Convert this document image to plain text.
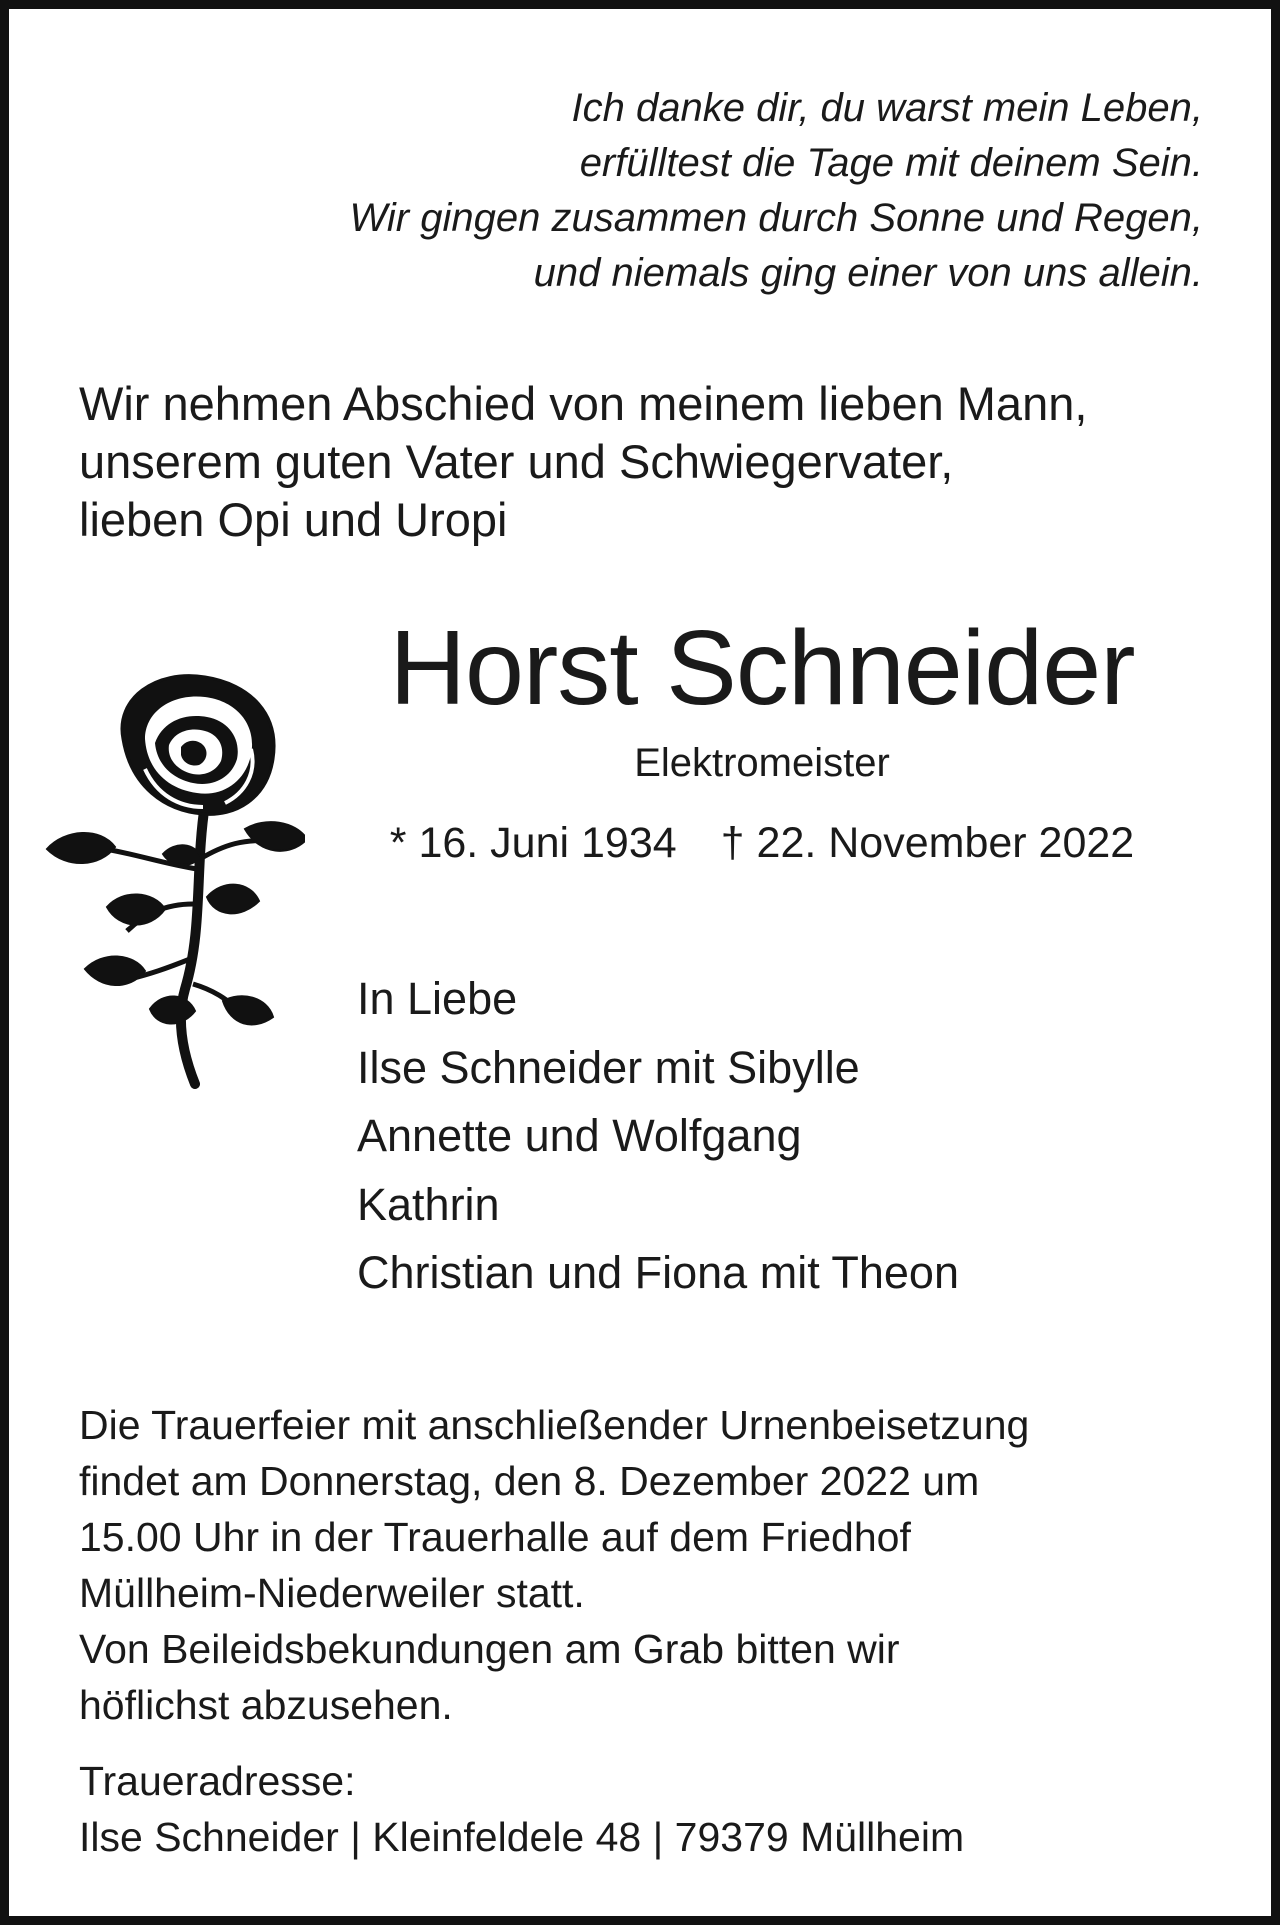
Ich danke dir, du warst mein Leben,
erfülltest die Tage mit deinem Sein.
Wir gingen zusammen durch Sonne und Regen,
und niemals ging einer von uns allein.
Wir nehmen Abschied von meinem lieben Mann,
unserem guten Vater und Schwiegervater,
lieben Opi und Uropi
Horst Schneider
Elektromeister
* 16. Juni 1934 † 22. November 2022
In Liebe
Ilse Schneider mit Sibylle
Annette und Wolfgang
Kathrin
Christian und Fiona mit Theon
Die Trauerfeier mit anschließender Urnenbeisetzung
findet am Donnerstag, den 8. Dezember 2022 um
15.00 Uhr in der Trauerhalle auf dem Friedhof
Müllheim-Niederweiler statt.
Von Beileidsbekundungen am Grab bitten wir
höflichst abzusehen.
Traueradresse:
Ilse Schneider | Kleinfeldele 48 | 79379 Müllheim
